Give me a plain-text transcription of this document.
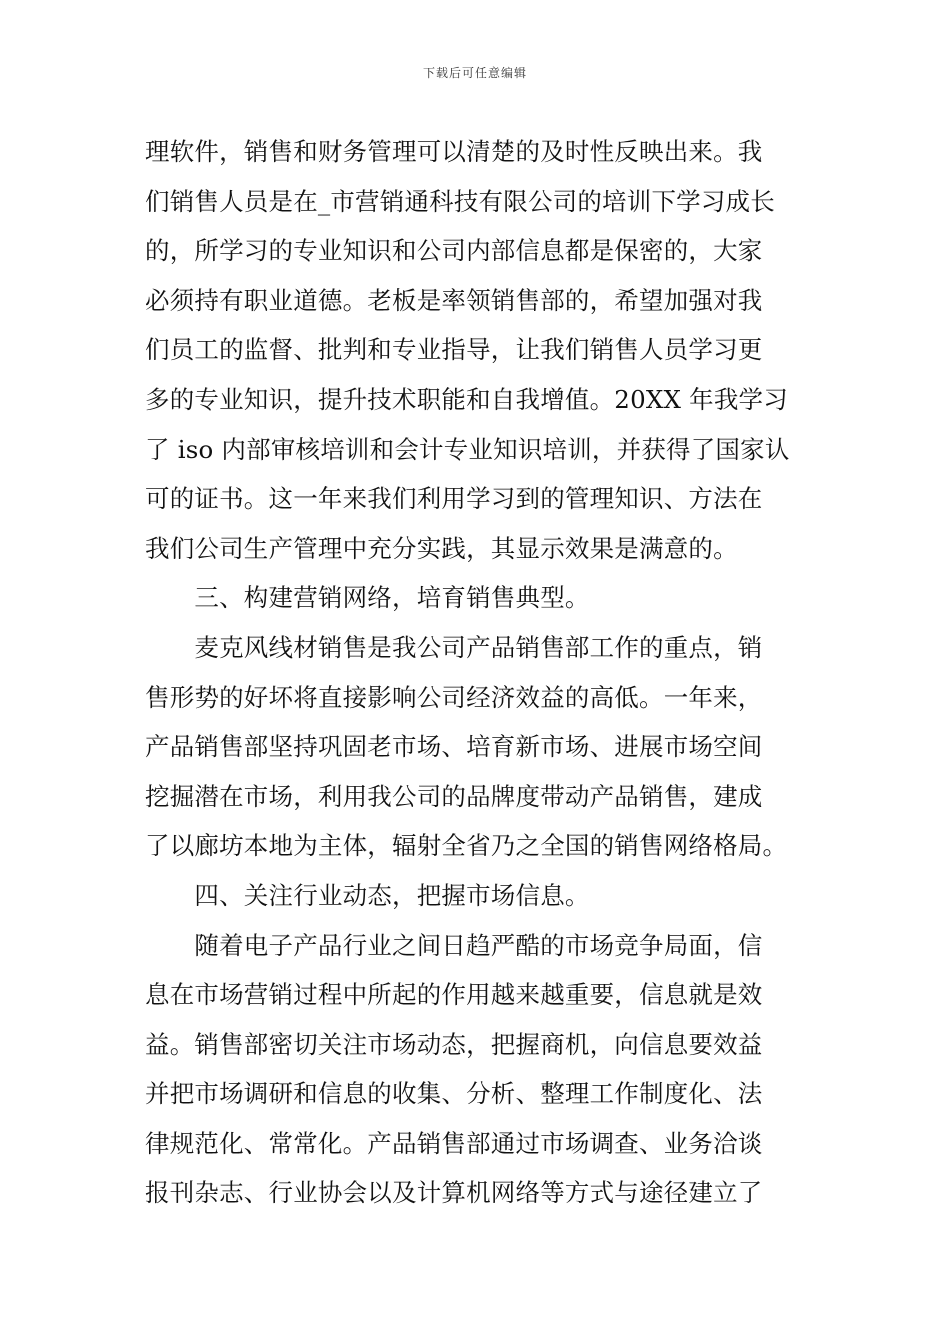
下载后可任意编辑
理软件，销售和财务管理可以清楚的及时性反映出来。我
们销售人员是在_市营销通科技有限公司的培训下学习成长
的，所学习的专业知识和公司内部信息都是保密的，大家
必须持有职业道德。老板是率领销售部的，希望加强对我
们员工的监督、批判和专业指导，让我们销售人员学习更
多的专业知识，提升技术职能和自我增值。20XX 年我学习
了 iso 内部审核培训和会计专业知识培训，并获得了国家认
可的证书。这一年来我们利用学习到的管理知识、方法在
我们公司生产管理中充分实践，其显示效果是满意的。
　　三、构建营销网络，培育销售典型。
　　麦克风线材销售是我公司产品销售部工作的重点，销
售形势的好坏将直接影响公司经济效益的高低。一年来，
产品销售部坚持巩固老市场、培育新市场、进展市场空间
挖掘潜在市场，利用我公司的品牌度带动产品销售，建成
了以廊坊本地为主体，辐射全省乃之全国的销售网络格局。
　　四、关注行业动态，把握市场信息。
　　随着电子产品行业之间日趋严酷的市场竞争局面，信
息在市场营销过程中所起的作用越来越重要，信息就是效
益。销售部密切关注市场动态，把握商机，向信息要效益
并把市场调研和信息的收集、分析、整理工作制度化、法
律规范化、常常化。产品销售部通过市场调查、业务洽谈
报刊杂志、行业协会以及计算机网络等方式与途径建立了
